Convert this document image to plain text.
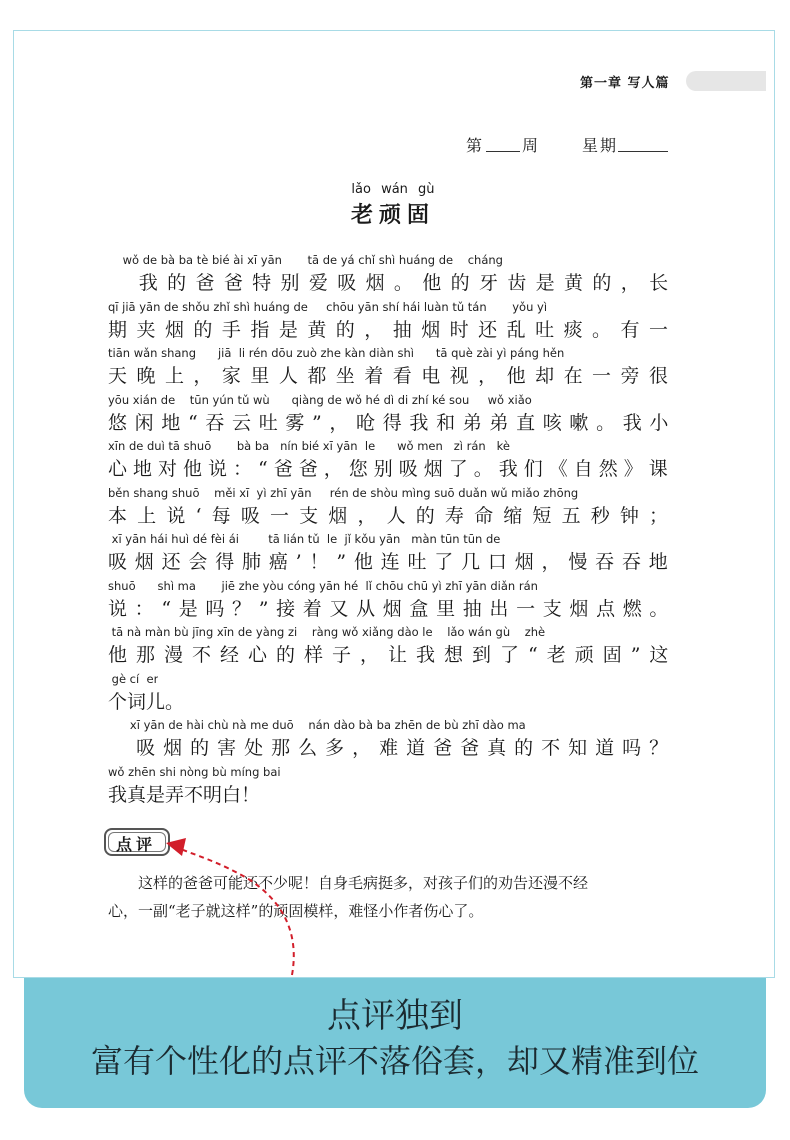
第一章 写人篇
第 周	星期
lǎo wán gù
老顽固
wǒ de bà ba tè bié ài xī yān       tā de yá chǐ shì huáng de    cháng
我的爸爸特别爱吸烟。他的牙齿是黄的，长
qī jiā yān de shǒu zhǐ shì huáng de     chōu yān shí hái luàn tǔ tán       yǒu yì
期夹烟的手指是黄的，抽烟时还乱吐痰。有一
tiān wǎn shang      jiā  li rén dōu zuò zhe kàn diàn shì      tā què zài yì páng hěn
天晚上，家里人都坐着看电视，他却在一旁很
yōu xián de    tūn yún tǔ wù      qiàng de wǒ hé dì di zhí ké sou     wǒ xiǎo
悠闲地“吞云吐雾”，呛得我和弟弟直咳嗽。我小
xīn de duì tā shuō       bà ba   nín bié xī yān  le      wǒ men   zì rán   kè
心地对他说：“爸爸，您别吸烟了。我们《自然》课
běn shang shuō    měi xī  yì zhī yān     rén de shòu mìng suō duǎn wǔ miǎo zhōng
本上说‘每吸一支烟，人的寿命缩短五秒钟；
xī yān hái huì dé fèi ái        tā lián tǔ  le  jǐ kǒu yān   màn tūn tūn de
吸烟还会得肺癌’！”他连吐了几口烟，慢吞吞地
shuō      shì ma       jiē zhe yòu cóng yān hé  lǐ chōu chū yì zhī yān diǎn rán
说：“是吗？”接着又从烟盒里抽出一支烟点燃。
tā nà màn bù jīng xīn de yàng zi    ràng wǒ xiǎng dào le    lǎo wán gù    zhè
他那漫不经心的样子，让我想到了“老顽固”这
gè cí  er
个词儿。
xī yān de hài chù nà me duō    nán dào bà ba zhēn de bù zhī dào ma
吸烟的害处那么多，难道爸爸真的不知道吗？
wǒ zhēn shi nòng bù míng bai
我真是弄不明白！
点评
这样的爸爸可能还不少呢！自身毛病挺多，对孩子们的劝告还漫不经
心，一副“老子就这样”的顽固模样，难怪小作者伤心了。
点评独到
富有个性化的点评不落俗套，却又精准到位
